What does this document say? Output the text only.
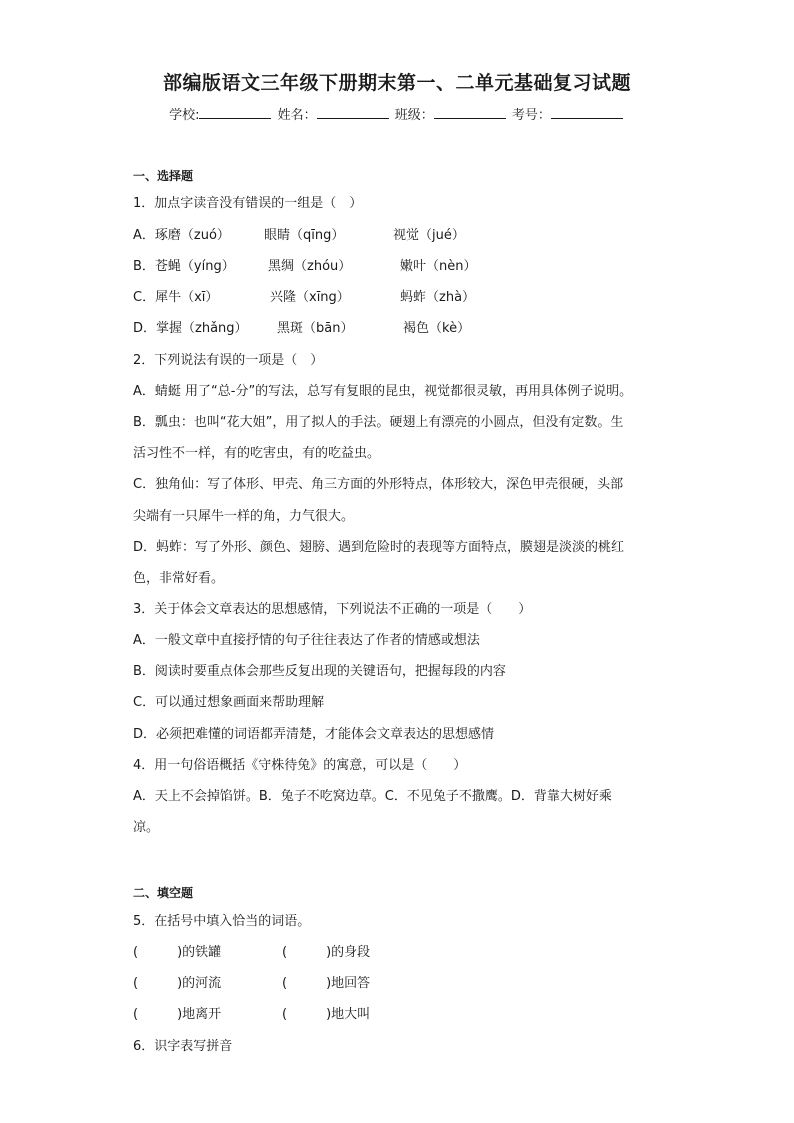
部编版语文三年级下册期末第一、二单元基础复习试题
学校:	姓名：	班级：	考号：
一、选择题
1．加点字读音没有错误的一组是（　）
A．琢磨（zuó）	眼睛（qīng）	视觉（jué）
B．苍蝇（yíng）	黑绸（zhóu）	嫩叶（nèn）
C．犀牛（xī）	兴隆（xīng）	蚂蚱（zhà）
D．掌握（zhǎng） 黑斑（bān）	褐色（kè）
2．下列说法有误的一项是（　）
A．蜻蜓 用了“总-分”的写法，总写有复眼的昆虫，视觉都很灵敏，再用具体例子说明。
B．瓢虫：也叫“花大姐”，用了拟人的手法。硬翅上有漂亮的小圆点，但没有定数。生
活习性不一样，有的吃害虫，有的吃益虫。
C．独角仙：写了体形、甲壳、角三方面的外形特点，体形较大，深色甲壳很硬，头部
尖端有一只犀牛一样的角，力气很大。
D．蚂蚱：写了外形、颜色、翅膀、遇到危险时的表现等方面特点，膜翅是淡淡的桃红
色，非常好看。
3．关于体会文章表达的思想感情，下列说法不正确的一项是（　　）
A．一般文章中直接抒情的句子往往表达了作者的情感或想法
B．阅读时要重点体会那些反复出现的关键语句，把握每段的内容
C．可以通过想象画面来帮助理解
D．必须把难懂的词语都弄清楚，才能体会文章表达的思想感情
4．用一句俗语概括《守株待兔》的寓意，可以是（　　）
A．天上不会掉馅饼。B．兔子不吃窝边草。C．不见兔子不撒鹰。D．背靠大树好乘
凉。
二、填空题
5．在括号中填入恰当的词语。
(　　　)的铁罐	(　　　)的身段
(　　　)的河流	(　　　)地回答
(　　　)地离开	(　　　)地大叫
6．识字表写拼音
